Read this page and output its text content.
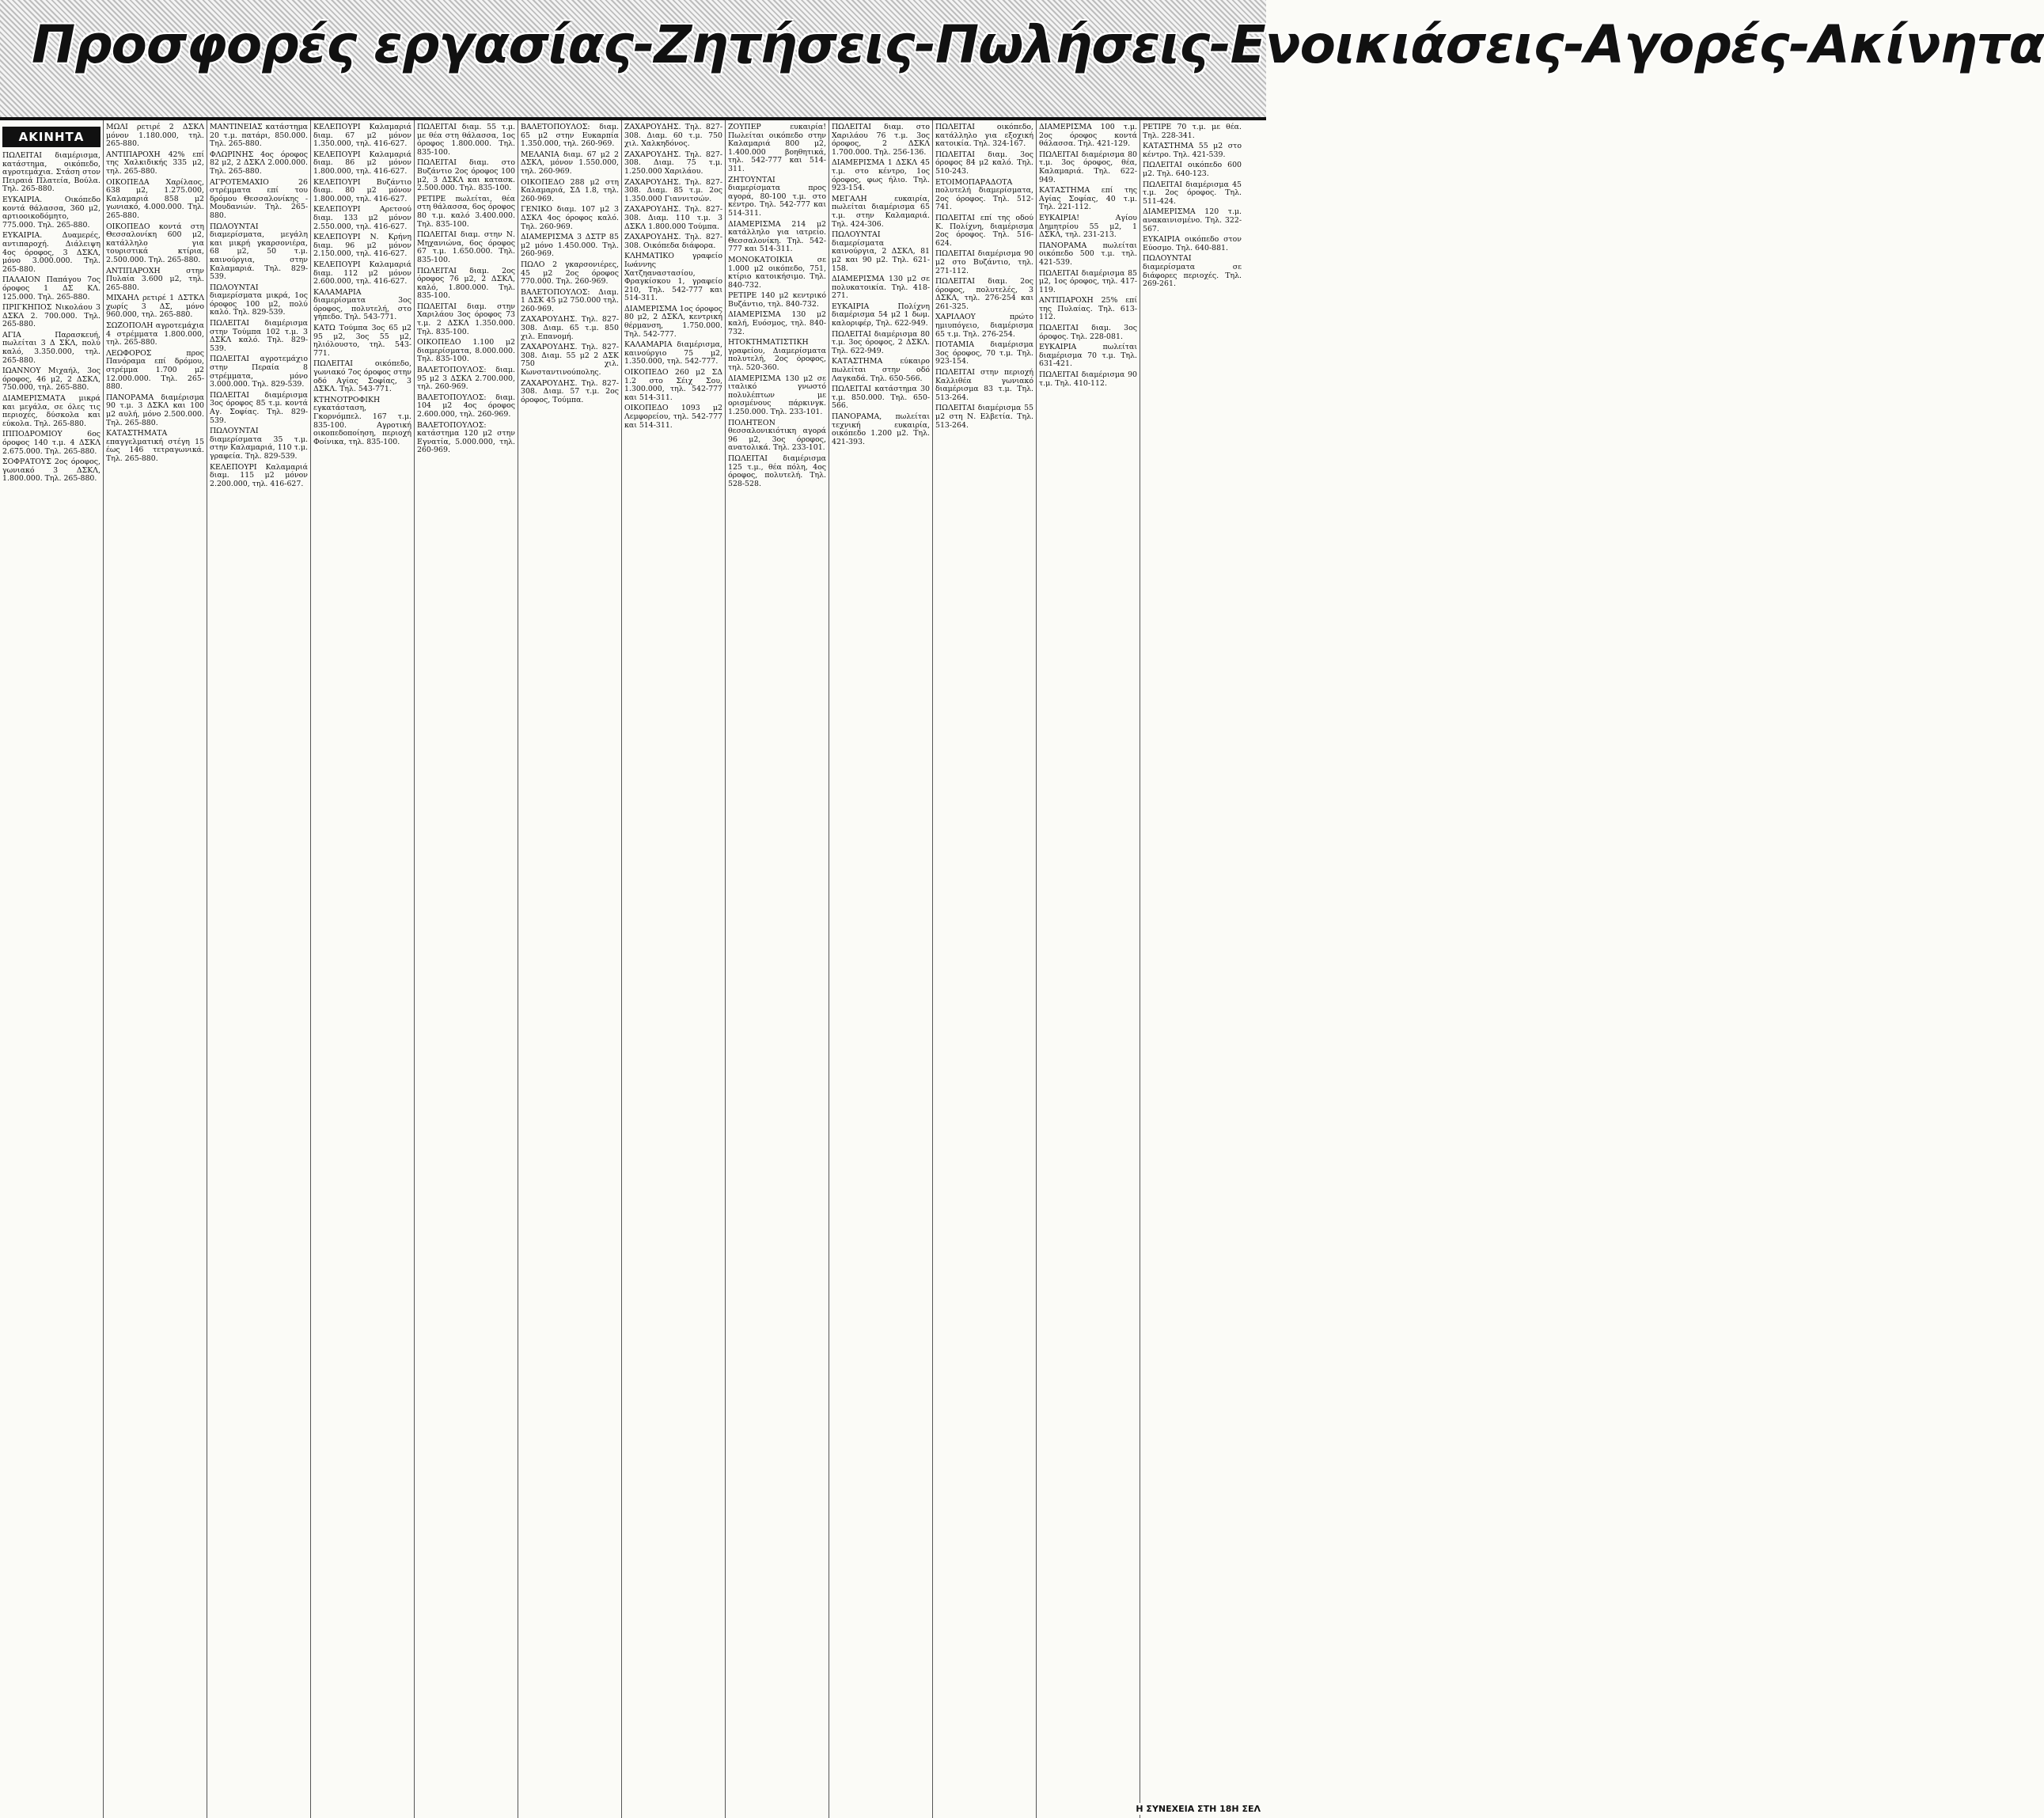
Προσφορές εργασίας-Ζητήσεις-Πωλήσεις-Ενοικιάσεις-Αγορές-Ακίνητα
ΑΚΙΝΗΤΑ

ΠΩΛΕΙΤΑΙ διαμέρισμα, κατάστημα, οικόπεδο, αγροτεμάχια. Στάση στον Πειραιά Πλατεία, Βούλα. Τηλ. 265-880.

ΕΥΚΑΙΡΙΑ. Οικόπεδο κοντά θάλασσα, 360 μ2, αρτιοοικοδόμητο, 775.000. Τηλ. 265-880.

ΕΥΚΑΙΡΙΑ. Δυαμερές, αντιπαροχή. Διάλειψη 4ος όροφος, 3 ΔΣΚΛ, μόνο 3.000.000. Τηλ. 265-880.

ΠΑΛΑΙΟΝ Παπάγου 7ος όροφος 1 ΔΣ ΚΛ. 125.000. Τηλ. 265-880.

ΠΡΙΓΚΗΠΟΣ Νικολάου 3 ΔΣΚΛ 2. 700.000. Τηλ. 265-880.

ΑΓΙΑ Παρασκευή, πωλείται 3 Δ ΣΚΛ, πολύ καλό, 3.350.000, τηλ. 265-880.

ΙΩΑΝΝΟΥ Μιχαήλ, 3ος όροφος, 46 μ2, 2 ΔΣΚΛ, 750.000, τηλ. 265-880.

ΔΙΑΜΕΡΙΣΜΑΤΑ μικρά και μεγάλα, σε όλες τις περιοχές, δύσκολα και εύκολα. Τηλ. 265-880.

ΙΠΠΟΔΡΟΜΙΟΥ 6ος όροφος 140 τ.μ. 4 ΔΣΚΛ 2.675.000. Τηλ. 265-880.

ΣΟΦΡΑΤΟΥΣ 2ος όροφος, γωνιακό 3 ΔΣΚΛ, 1.800.000. Τηλ. 265-880.

ΜΩΛΙ ρετιρέ 2 ΔΣΚΛ μόνον 1.180.000, τηλ. 265-880.

ΑΝΤΙΠΑΡΟΧΗ 42% επί της Χαλκιδικής 335 μ2, τηλ. 265-880.

ΟΙΚΟΠΕΔΑ Χαρίλαος, 638 μ2, 1.275.000, Καλαμαριά 858 μ2 γωνιακό, 4.000.000. Τηλ. 265-880.

ΟΙΚΟΠΕΔΟ κοντά στη Θεσσαλονίκη 600 μ2, κατάλληλο για τουριστικά κτίρια, 2.500.000. Τηλ. 265-880.

ΑΝΤΙΠΑΡΟΧΗ στην Πυλαία 3.600 μ2, τηλ. 265-880.

ΜΙΧΑΗΛ ρετιρέ 1 ΔΣΤΚΛ χωρίς 3 ΔΣ, μόνο 960.000, τηλ. 265-880.

ΣΩΖΟΠΟΛΗ αγροτεμάχια 4 στρέμματα 1.800.000, τηλ. 265-880.

ΛΕΩΦΟΡΟΣ προς Πανόραμα επί δρόμου, στρέμμα 1.700 μ2 12.000.000. Τηλ. 265-880.

ΠΑΝΟΡΑΜΑ διαμέρισμα 90 τ.μ. 3 ΔΣΚΛ και 100 μ2 αυλή, μόνο 2.500.000. Τηλ. 265-880.

ΚΑΤΑΣΤΗΜΑΤΑ επαγγελματική στέγη 15 έως 146 τετραγωνικά. Τηλ. 265-880.

ΜΑΝΤΙΝΕΙΑΣ κατάστημα 20 τ.μ. πατάρι, 850.000. Τηλ. 265-880.

ΦΛΩΡΙΝΗΣ 4ος όροφος 82 μ2, 2 ΔΣΚΛ 2.000.000. Τηλ. 265-880.

ΑΓΡΟΤΕΜΑΧΙΟ 26 στρέμματα επί του δρόμου Θεσσαλονίκης - Μουδανιών. Τηλ. 265-880.

ΠΩΛΟΥΝΤΑΙ διαμερίσματα, μεγάλη και μικρή γκαρσονιέρα, 68 μ2, 50 τ.μ. καινούργια, στην Καλαμαριά. Τηλ. 829-539.

ΠΩΛΟΥΝΤΑΙ διαμερίσματα μικρά, 1ος όροφος 100 μ2, πολύ καλό. Τηλ. 829-539.

ΠΩΛΕΙΤΑΙ διαμέρισμα στην Τούμπα 102 τ.μ. 3 ΔΣΚΛ καλό. Τηλ. 829-539.

ΠΩΛΕΙΤΑΙ αγροτεμάχιο στην Περαία 8 στρέμματα, μόνο 3.000.000. Τηλ. 829-539.

ΠΩΛΕΙΤΑΙ διαμέρισμα 3ος όροφος 85 τ.μ. κοντά Αγ. Σοφίας. Τηλ. 829-539.

ΠΩΛΟΥΝΤΑΙ διαμερίσματα 35 τ.μ. στην Καλαμαριά, 110 τ.μ. γραφεία. Τηλ. 829-539.

ΚΕΛΕΠΟΥΡΙ Καλαμαριά διαμ. 115 μ2 μόνον 2.200.000, τηλ. 416-627.

ΚΕΛΕΠΟΥΡΙ Καλαμαριά διαμ. 67 μ2 μόνον 1.350.000, τηλ. 416-627.

ΚΕΛΕΠΟΥΡΙ Καλαμαριά διαμ. 86 μ2 μόνον 1.800.000, τηλ. 416-627.

ΚΕΛΕΠΟΥΡΙ Βυζάντιο διαμ. 80 μ2 μόνον 1.800.000, τηλ. 416-627.

ΚΕΛΕΠΟΥΡΙ Αρετσού διαμ. 133 μ2 μόνον 2.550.000, τηλ. 416-627.

ΚΕΛΕΠΟΥΡΙ Ν. Κρήνη διαμ. 96 μ2 μόνον 2.150.000, τηλ. 416-627.

ΚΕΛΕΠΟΥΡΙ Καλαμαριά διαμ. 112 μ2 μόνον 2.600.000, τηλ. 416-627.

ΚΑΛΑΜΑΡΙΑ διαμερίσματα 3ος όροφος, πολυτελή, στο γήπεδο. Τηλ. 543-771.

ΚΑΤΩ Τούμπα 3ος 65 μ2 95 μ2, 3ος 55 μ2, ηλιόλουστο, τηλ. 543-771.

ΠΩΛΕΙΤΑΙ οικόπεδο, γωνιακό 7ος όροφος στην οδό Αγίας Σοφίας, 3 ΔΣΚΛ. Τηλ. 543-771.

ΚΤΗΝΟΤΡΟΦΙΚΗ εγκατάσταση, Γκορνόμπελ. 167 τ.μ. 835-100. Αγροτική οικοπεδοποίηση, περιοχή Φοίνικα, τηλ. 835-100.

ΠΩΛΕΙΤΑΙ διαμ. 55 τ.μ. με θέα στη θάλασσα, 1ος όροφος 1.800.000. Τηλ. 835-100.

ΠΩΛΕΙΤΑΙ διαμ. στο Βυζάντιο 2ος όροφος 100 μ2, 3 ΔΣΚΛ και κατασκ. 2.500.000. Τηλ. 835-100.

ΡΕΤΙΡΕ πωλείται, θέα στη θάλασσα, 6ος όροφος 80 τ.μ. καλό 3.400.000. Τηλ. 835-100.

ΠΩΛΕΙΤΑΙ διαμ. στην Ν. Μηχανιώνα, 6ος όροφος 67 τ.μ. 1.650.000. Τηλ. 835-100.

ΠΩΛΕΙΤΑΙ διαμ. 2ος όροφος 76 μ2, 2 ΔΣΚΛ, καλό, 1.800.000. Τηλ. 835-100.

ΠΩΛΕΙΤΑΙ διαμ. στην Χαριλάου 3ος όροφος 73 τ.μ. 2 ΔΣΚΛ 1.350.000. Τηλ. 835-100.

ΟΙΚΟΠΕΔΟ 1.100 μ2 διαμερίσματα, 8.000.000. Τηλ. 835-100.

ΒΑΛΕΤΟΠΟΥΛΟΣ: διαμ. 95 μ2 3 ΔΣΚΛ 2.700.000, τηλ. 260-969.

ΒΑΛΕΤΟΠΟΥΛΟΣ: διαμ. 104 μ2 4ος όροφος 2.600.000, τηλ. 260-969.

ΒΑΛΕΤΟΠΟΥΛΟΣ: κατάστημα 120 μ2 στην Εγνατία, 5.000.000, τηλ. 260-969.

ΒΑΛΕΤΟΠΟΥΛΟΣ: διαμ. 65 μ2 στην Ευκαρπία 1.350.000, τηλ. 260-969.

ΜΕΛΑΝΙΑ διαμ. 67 μ2 2 ΔΣΚΛ, μόνον 1.550.000, τηλ. 260-969.

ΟΙΚΟΠΕΔΟ 288 μ2 στη Καλαμαριά, ΣΔ 1.8, τηλ. 260-969.

ΓΕΝΙΚΟ διαμ. 107 μ2 3 ΔΣΚΛ 4ος όροφος καλό. Τηλ. 260-969.

ΔΙΑΜΕΡΙΣΜΑ 3 ΔΣΤΡ 85 μ2 μόνο 1.450.000. Τηλ. 260-969.

ΠΩΛΟ 2 γκαρσονιέρες, 45 μ2 2ος όροφος 770.000. Τηλ. 260-969.

ΒΑΛΕΤΟΠΟΥΛΟΣ: Διαμ. 1 ΔΣΚ 45 μ2 750.000 τηλ. 260-969.

ΖΑΧΑΡΟΥΔΗΣ. Τηλ. 827-308. Διαμ. 65 τ.μ. 850 χιλ. Επανομή.

ΖΑΧΑΡΟΥΔΗΣ. Τηλ. 827-308. Διαμ. 55 μ2 2 ΔΣΚ 750 χιλ. Κωνσταντινούπολης.

ΖΑΧΑΡΟΥΔΗΣ. Τηλ. 827-308. Διαμ. 57 τ.μ. 2ος όροφος, Τούμπα.

ΖΑΧΑΡΟΥΔΗΣ. Τηλ. 827-308. Διαμ. 60 τ.μ. 750 χιλ. Χαλκηδόνος.

ΖΑΧΑΡΟΥΔΗΣ. Τηλ. 827-308. Διαμ. 75 τ.μ. 1.250.000 Χαριλάου.

ΖΑΧΑΡΟΥΔΗΣ. Τηλ. 827-308. Διαμ. 85 τ.μ. 2ος 1.350.000 Γιαννιτσών.

ΖΑΧΑΡΟΥΔΗΣ. Τηλ. 827-308. Διαμ. 110 τ.μ. 3 ΔΣΚΛ 1.800.000 Τούμπα.

ΖΑΧΑΡΟΥΔΗΣ. Τηλ. 827-308. Οικόπεδα διάφορα.

ΚΛΗΜΑΤΙΚΟ γραφείο Ιωάννης Χατζηαναστασίου, Φραγκίσκου 1, γραφείο 210, Τηλ. 542-777 και 514-311.

ΔΙΑΜΕΡΙΣΜΑ 1ος όροφος 80 μ2, 2 ΔΣΚΛ, κεντρική θέρμανση, 1.750.000. Τηλ. 542-777.

ΚΑΛΑΜΑΡΙΑ διαμέρισμα, καινούργιο 75 μ2, 1.350.000, τηλ. 542-777.

ΟΙΚΟΠΕΔΟ 260 μ2 ΣΔ 1.2 στο Σέιχ Σου, 1.300.000, τηλ. 542-777 και 514-311.

ΟΙΚΟΠΕΔΟ 1093 μ2 Λεμφορείου, τηλ. 542-777 και 514-311.

ΖΟΥΠΕΡ ευκαιρία! Πωλείται οικόπεδο στην Καλαμαριά 800 μ2, 1.400.000 βοηθητικά, τηλ. 542-777 και 514-311.

ΖΗΤΟΥΝΤΑΙ διαμερίσματα προς αγορά, 80-100 τ.μ. στο κέντρο. Τηλ. 542-777 και 514-311.

ΔΙΑΜΕΡΙΣΜΑ 214 μ2 κατάλληλο για ιατρείο. Θεσσαλονίκη. Τηλ. 542-777 και 514-311.

ΜΟΝΟΚΑΤΟΙΚΙΑ σε 1.000 μ2 οικόπεδο, 751, κτίριο κατοικήσιμο. Τηλ. 840-732.

ΡΕΤΙΡΕ 140 μ2 κεντρικό Βυζάντιο, τηλ. 840-732.

ΔΙΑΜΕΡΙΣΜΑ 130 μ2 καλή, Ευόσμος, τηλ. 840-732.

ΗΤΟΚΤΗΜΑΤΙΣΤΙΚΗ γραφείου, Διαμερίσματα πολυτελή, 2ος όροφος, τηλ. 520-360.

ΔΙΑΜΕΡΙΣΜΑ 130 μ2 σε ιταλικό γνωστό πολυλέπτων με ορισμένους πάρκινγκ. 1.250.000. Τηλ. 233-101.

ΠΟΛΗΤΕΟΝ θεσσαλονικιότικη αγορά 96 μ2, 3ος όροφος, ανατολικά. Τηλ. 233-101.

ΠΩΛΕΙΤΑΙ διαμέρισμα 125 τ.μ., θέα πόλη, 4ος όροφος, πολυτελή. Τηλ. 528-528.

ΠΩΛΕΙΤΑΙ διαμ. στο Χαριλάου 76 τ.μ. 3ος όροφος, 2 ΔΣΚΛ 1.700.000. Τηλ. 256-136.

ΔΙΑΜΕΡΙΣΜΑ 1 ΔΣΚΛ 45 τ.μ. στο κέντρο, 1ος όροφος, φως ήλιο. Τηλ. 923-154.

ΜΕΓΑΛΗ ευκαιρία, πωλείται διαμέρισμα 65 τ.μ. στην Καλαμαριά. Τηλ. 424-306.

ΠΩΛΟΥΝΤΑΙ διαμερίσματα καινούργια, 2 ΔΣΚΛ, 81 μ2 και 90 μ2. Τηλ. 621-158.

ΔΙΑΜΕΡΙΣΜΑ 130 μ2 σε πολυκατοικία. Τηλ. 418-271.

ΕΥΚΑΙΡΙΑ Πολίχνη διαμέρισμα 54 μ2 1 δωμ. καλοριφέρ, Τηλ. 622-949.

ΠΩΛΕΙΤΑΙ διαμέρισμα 80 τ.μ. 3ος όροφος, 2 ΔΣΚΛ. Τηλ. 622-949.

ΚΑΤΑΣΤΗΜΑ εύκαιρο πωλείται στην οδό Λαγκαδά. Τηλ. 650-566.

ΠΩΛΕΙΤΑΙ κατάστημα 30 τ.μ. 850.000. Τηλ. 650-566.

ΠΑΝΟΡΑΜΑ, πωλείται τεχνική ευκαιρία, οικόπεδο 1.200 μ2. Τηλ. 421-393.

ΠΩΛΕΙΤΑΙ οικόπεδο, κατάλληλο για εξοχική κατοικία. Τηλ. 324-167.

ΠΩΛΕΙΤΑΙ διαμ. 3ος όροφος 84 μ2 καλό. Τηλ. 510-243.

ΕΤΟΙΜΟΠΑΡΑΔΟΤΑ πολυτελή διαμερίσματα, 2ος όροφος. Τηλ. 512-741.

ΠΩΛΕΙΤΑΙ επί της οδού Κ. Πολίχνη, διαμέρισμα 2ος όροφος. Τηλ. 516-624.

ΠΩΛΕΙΤΑΙ διαμέρισμα 90 μ2 στο Βυζάντιο, τηλ. 271-112.

ΠΩΛΕΙΤΑΙ διαμ. 2ος όροφος, πολυτελές, 3 ΔΣΚΛ, τηλ. 276-254 και 261-325.

ΧΑΡΙΛΑΟΥ πρώτο ημιυπόγειο, διαμέρισμα 65 τ.μ. Τηλ. 276-254.

ΠΟΤΑΜΙΑ διαμέρισμα 3ος όροφος, 70 τ.μ. Τηλ. 923-154.

ΠΩΛΕΙΤΑΙ στην περιοχή Καλλιθέα γωνιακό διαμέρισμα 83 τ.μ. Τηλ. 513-264.

ΠΩΛΕΙΤΑΙ διαμέρισμα 55 μ2 στη Ν. Ελβετία. Τηλ. 513-264.

ΔΙΑΜΕΡΙΣΜΑ 100 τ.μ. 2ος όροφος κοντά θάλασσα. Τηλ. 421-129.

ΠΩΛΕΙΤΑΙ διαμέρισμα 80 τ.μ. 3ος όροφος, θέα, Καλαμαριά. Τηλ. 622-949.

ΚΑΤΑΣΤΗΜΑ επί της Αγίας Σοφίας, 40 τ.μ. Τηλ. 221-112.

ΕΥΚΑΙΡΙΑ! Αγίου Δημητρίου 55 μ2, 1 ΔΣΚΛ, τηλ. 231-213.

ΠΑΝΟΡΑΜΑ πωλείται οικόπεδο 500 τ.μ. τηλ. 421-539.

ΠΩΛΕΙΤΑΙ διαμέρισμα 85 μ2, 1ος όροφος, τηλ. 417-119.

ΑΝΤΙΠΑΡΟΧΗ 25% επί της Πυλαίας. Τηλ. 613-112.

ΠΩΛΕΙΤΑΙ διαμ. 3ος όροφος. Τηλ. 228-081.

ΕΥΚΑΙΡΙΑ πωλείται διαμέρισμα 70 τ.μ. Τηλ. 631-421.

ΠΩΛΕΙΤΑΙ διαμέρισμα 90 τ.μ. Τηλ. 410-112.

ΡΕΤΙΡΕ 70 τ.μ. με θέα. Τηλ. 228-341.

ΚΑΤΑΣΤΗΜΑ 55 μ2 στο κέντρο. Τηλ. 421-539.

ΠΩΛΕΙΤΑΙ οικόπεδο 600 μ2. Τηλ. 640-123.

ΠΩΛΕΙΤΑΙ διαμέρισμα 45 τ.μ. 2ος όροφος. Τηλ. 511-424.

ΔΙΑΜΕΡΙΣΜΑ 120 τ.μ. ανακαινισμένο. Τηλ. 322-567.

ΕΥΚΑΙΡΙΑ οικόπεδο στον Εύοσμο. Τηλ. 640-881.

ΠΩΛΟΥΝΤΑΙ διαμερίσματα σε διάφορες περιοχές. Τηλ. 269-261.

Η ΣΥΝΕΧΕΙΑ ΣΤΗ 18Η ΣΕΛ
